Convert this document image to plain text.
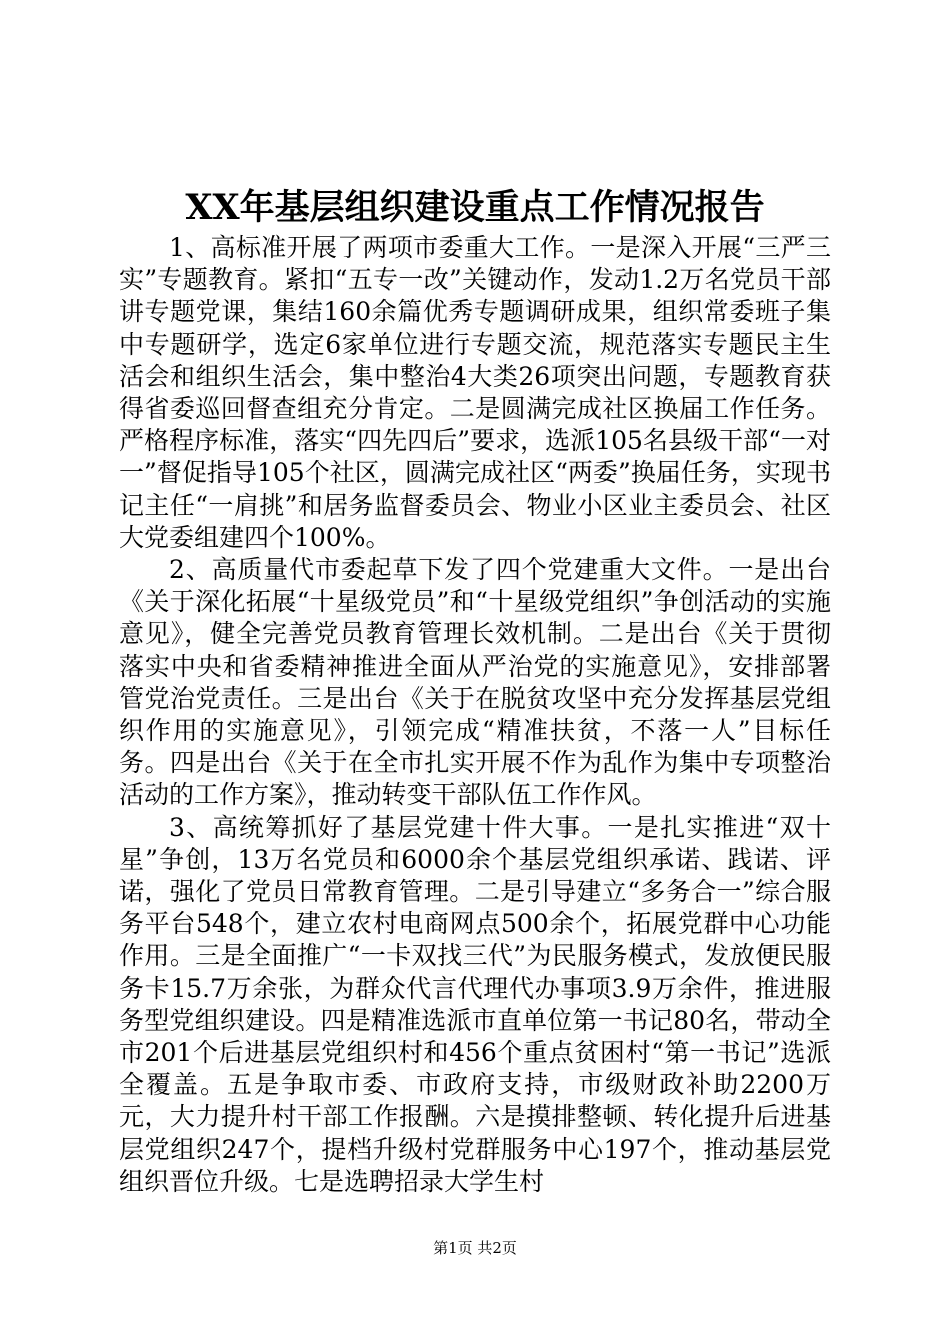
XX年基层组织建设重点工作情况报告

1、高标准开展了两项市委重大工作。一是深入开展“三严三实”专题教育。紧扣“五专一改”关键动作，发动1.2万名党员干部讲专题党课，集结160余篇优秀专题调研成果，组织常委班子集中专题研学，选定6家单位进行专题交流，规范落实专题民主生活会和组织生活会，集中整治4大类26项突出问题，专题教育获得省委巡回督查组充分肯定。二是圆满完成社区换届工作任务。严格程序标准，落实“四先四后”要求，选派105名县级干部“一对一”督促指导105个社区，圆满完成社区“两委”换届任务，实现书记主任“一肩挑”和居务监督委员会、物业小区业主委员会、社区大党委组建四个100%。

2、高质量代市委起草下发了四个党建重大文件。一是出台《关于深化拓展“十星级党员”和“十星级党组织”争创活动的实施意见》，健全完善党员教育管理长效机制。二是出台《关于贯彻落实中央和省委精神推进全面从严治党的实施意见》，安排部署管党治党责任。三是出台《关于在脱贫攻坚中充分发挥基层党组织作用的实施意见》，引领完成“精准扶贫，不落一人”目标任务。四是出台《关于在全市扎实开展不作为乱作为集中专项整治活动的工作方案》，推动转变干部队伍工作作风。

3、高统筹抓好了基层党建十件大事。一是扎实推进“双十星”争创，13万名党员和6000余个基层党组织承诺、践诺、评诺，强化了党员日常教育管理。二是引导建立“多务合一”综合服务平台548个，建立农村电商网点500余个，拓展党群中心功能作用。三是全面推广“一卡双找三代”为民服务模式，发放便民服务卡15.7万余张，为群众代言代理代办事项3.9万余件，推进服务型党组织建设。四是精准选派市直单位第一书记80名，带动全市201个后进基层党组织村和456个重点贫困村“第一书记”选派全覆盖。五是争取市委、市政府支持，市级财政补助2200万元，大力提升村干部工作报酬。六是摸排整顿、转化提升后进基层党组织247个，提档升级村党群服务中心197个，推动基层党组织晋位升级。七是选聘招录大学生村

第1页 共2页
